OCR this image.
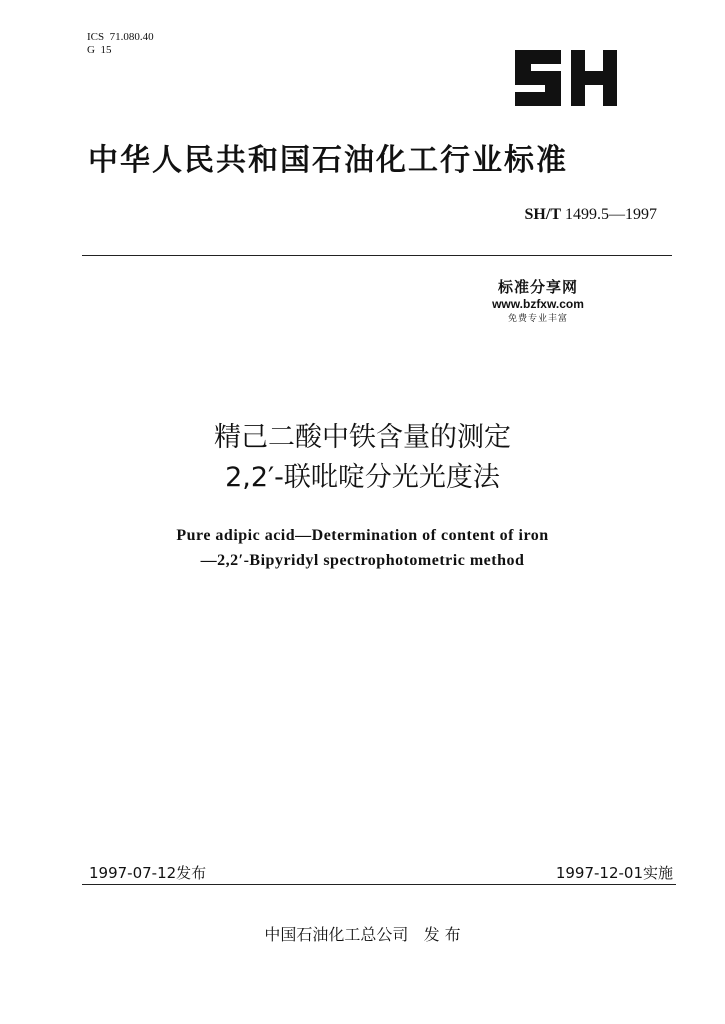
ICS  71.080.40
G  15
中华人民共和国石油化工行业标准
SH/T 1499.5—1997
标准分享网
www.bzfxw.com
免费专业丰富
精己二酸中铁含量的测定
2,2′-联吡啶分光光度法
Pure adipic acid—Determination of content of iron
—2,2′-Bipyridyl spectrophotometric method
1997-07-12发布	1997-12-01实施
中国石油化工总公司   发 布
